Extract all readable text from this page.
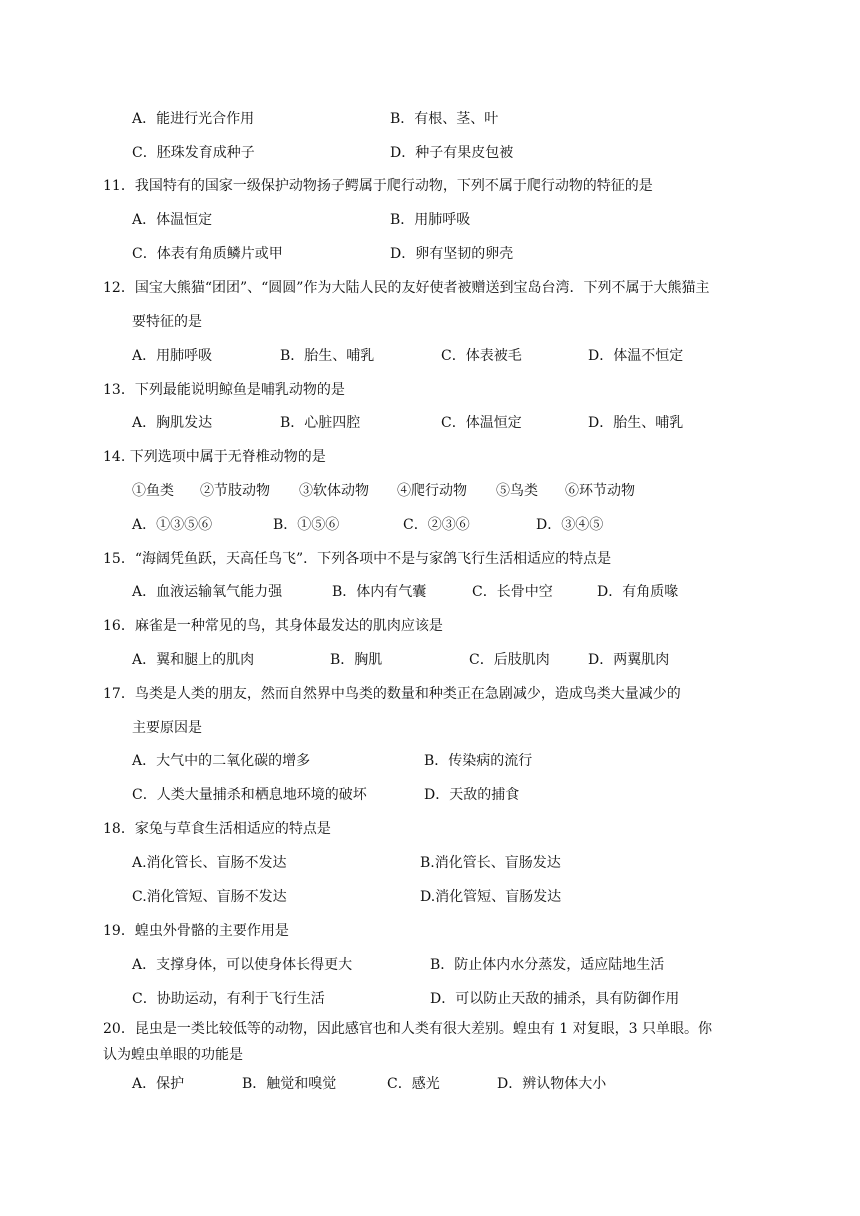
A．能进行光合作用	B．有根、茎、叶
C．胚珠发育成种子	D．种子有果皮包被
11．我国特有的国家一级保护动物扬子鳄属于爬行动物，下列不属于爬行动物的特征的是
A．体温恒定	B．用肺呼吸
C．体表有角质鳞片或甲	D．卵有坚韧的卵壳
12．国宝大熊猫“团团”、“圆圆”作为大陆人民的友好使者被赠送到宝岛台湾．下列不属于大熊猫主
要特征的是
A．用肺呼吸	B．胎生、哺乳	C．体表被毛	D．体温不恒定
13．下列最能说明鲸鱼是哺乳动物的是
A．胸肌发达	B．心脏四腔	C．体温恒定	D．胎生、哺乳
14. 下列选项中属于无脊椎动物的是
①鱼类 ②节肢动物 ③软体动物 ④爬行动物 ⑤鸟类 ⑥环节动物
A．①③⑤⑥	B．①⑤⑥	C．②③⑥	D．③④⑤
15．“海阔凭鱼跃，天高任鸟飞”．下列各项中不是与家鸽飞行生活相适应的特点是
A．血液运输氧气能力强	B．体内有气囊	C．长骨中空	D．有角质喙
16．麻雀是一种常见的鸟，其身体最发达的肌肉应该是
A．翼和腿上的肌肉	B．胸肌	C．后肢肌肉	D．两翼肌肉
17．鸟类是人类的朋友，然而自然界中鸟类的数量和种类正在急剧减少，造成鸟类大量减少的
主要原因是
A．大气中的二氧化碳的增多	B．传染病的流行
C．人类大量捕杀和栖息地环境的破坏	D．天敌的捕食
18．家兔与草食生活相适应的特点是
A.消化管长、盲肠不发达	B.消化管长、盲肠发达
C.消化管短、盲肠不发达	D.消化管短、盲肠发达
19．蝗虫外骨骼的主要作用是
A．支撑身体，可以使身体长得更大	B．防止体内水分蒸发，适应陆地生活
C．协助运动，有利于飞行生活	D．可以防止天敌的捕杀，具有防御作用
20．昆虫是一类比较低等的动物，因此感官也和人类有很大差别。蝗虫有 1 对复眼，3 只单眼。你
认为蝗虫单眼的功能是
A．保护	B．触觉和嗅觉	C．感光	D．辨认物体大小
